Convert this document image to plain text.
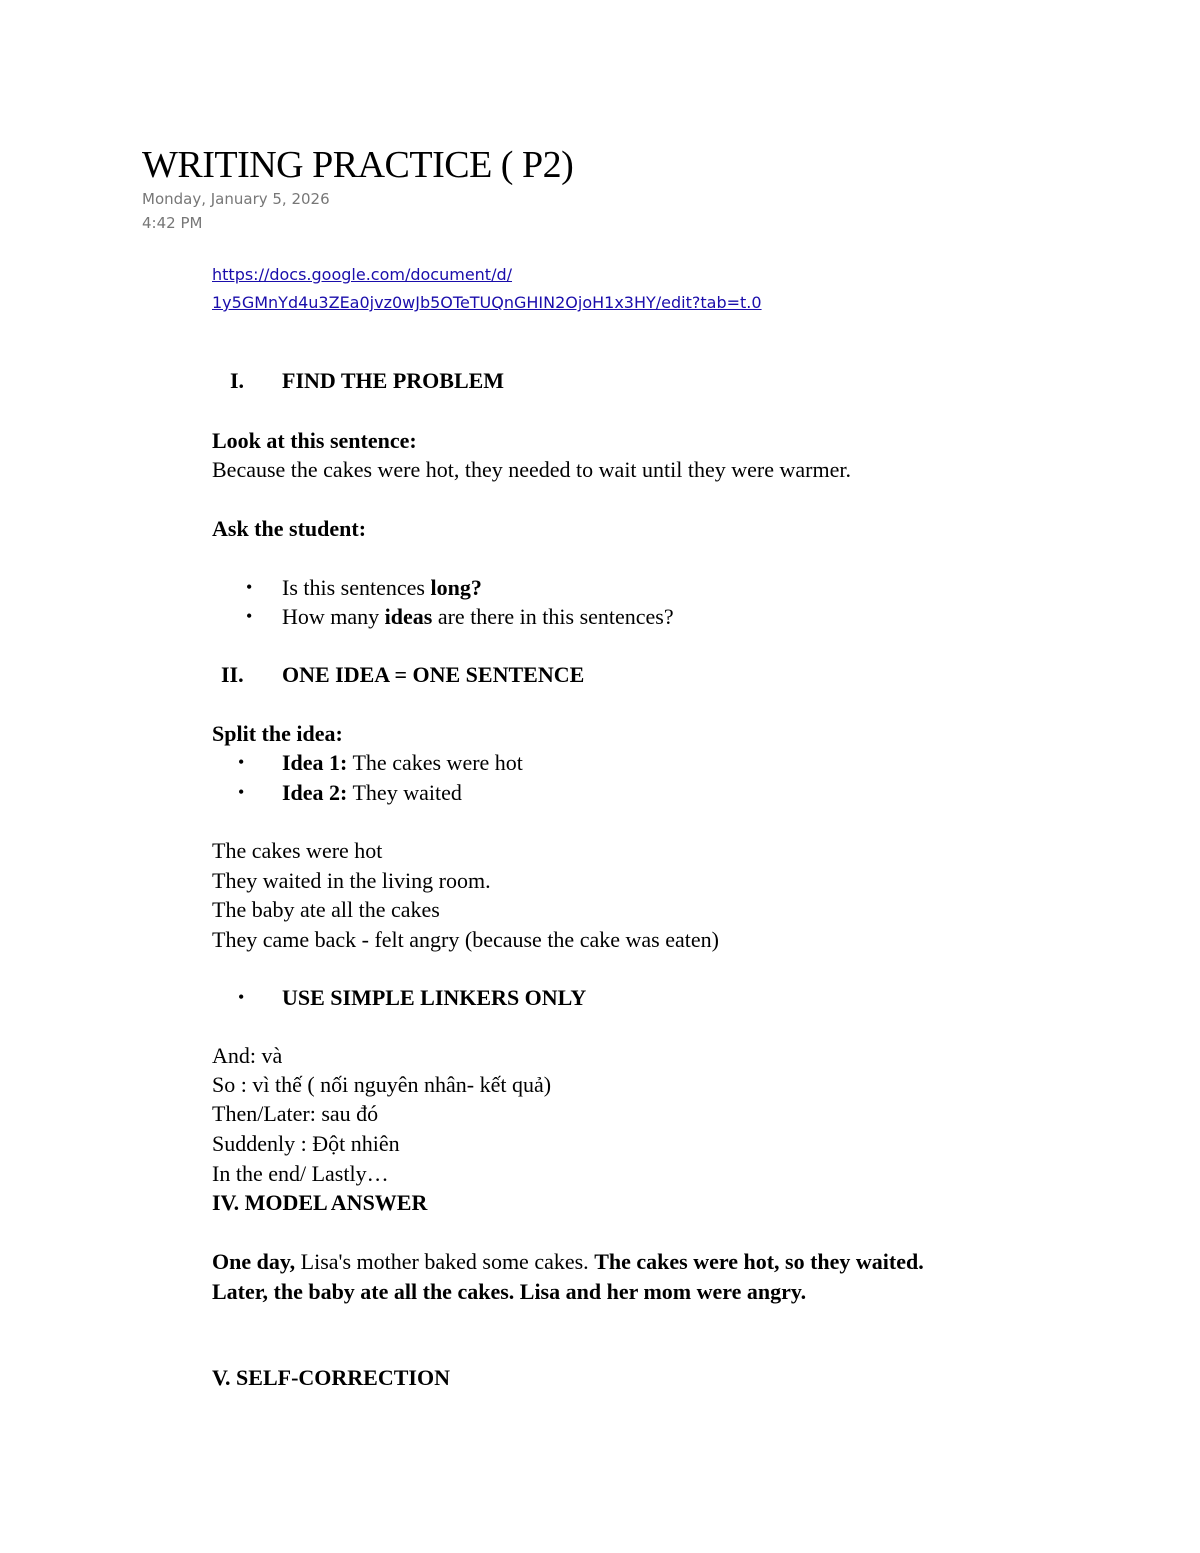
WRITING PRACTICE ( P2)
Monday, January 5, 2026
4:42 PM
https://docs.google.com/document/d/
1y5GMnYd4u3ZEa0jvz0wJb5OTeTUQnGHIN2OjoH1x3HY/edit?tab=t.0
I. FIND THE PROBLEM
Look at this sentence:
Because the cakes were hot, they needed to wait until they were warmer.
Ask the student:
• Is this sentences long?
• How many ideas are there in this sentences?
II. ONE IDEA = ONE SENTENCE
Split the idea:
• Idea 1: The cakes were hot
• Idea 2: They waited
The cakes were hot
They waited in the living room.
The baby ate all the cakes
They came back - felt angry (because the cake was eaten)
• USE SIMPLE LINKERS ONLY
And: và
So : vì thế ( nối nguyên nhân- kết quả)
Then/Later: sau đó
Suddenly : Đột nhiên
In the end/ Lastly…
IV. MODEL ANSWER
One day, Lisa's mother baked some cakes. The cakes were hot, so they waited.
Later, the baby ate all the cakes. Lisa and her mom were angry.
V. SELF-CORRECTION
